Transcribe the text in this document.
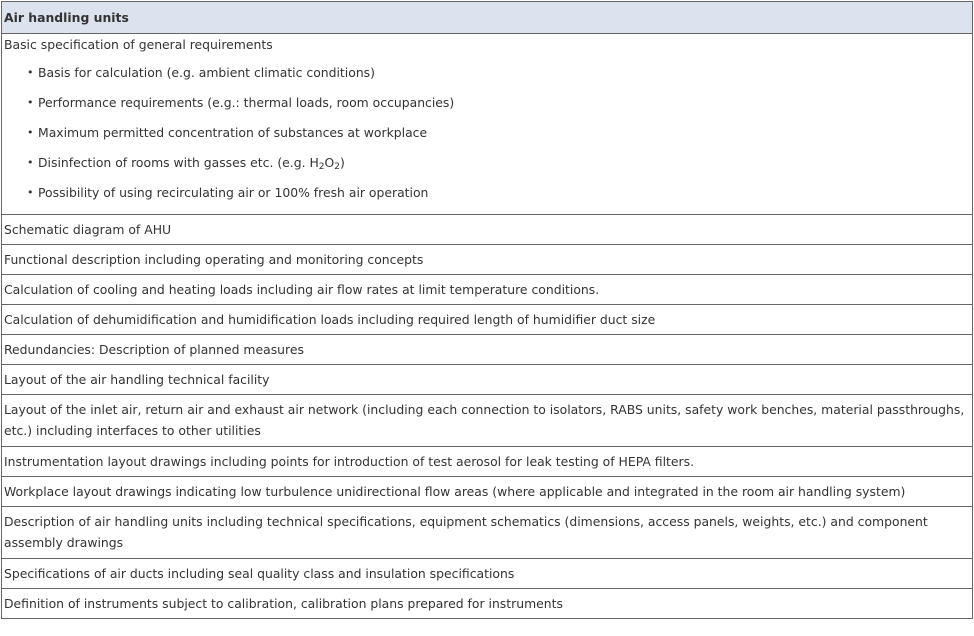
Air handling units

Basic specification of general requirements
• Basis for calculation (e.g. ambient climatic conditions)
• Performance requirements (e.g.: thermal loads, room occupancies)
• Maximum permitted concentration of substances at workplace
• Disinfection of rooms with gasses etc. (e.g. $H_2O_2$)
• Possibility of using recirculating air or 100% fresh air operation

Schematic diagram of AHU
Functional description including operating and monitoring concepts
Calculation of cooling and heating loads including air flow rates at limit temperature conditions.
Calculation of dehumidification and humidification loads including required length of humidifier duct size
Redundancies: Description of planned measures
Layout of the air handling technical facility
Layout of the inlet air, return air and exhaust air network (including each connection to isolators, RABS units, safety work benches, material passthroughs, etc.) including interfaces to other utilities
Instrumentation layout drawings including points for introduction of test aerosol for leak testing of HEPA filters.
Workplace layout drawings indicating low turbulence unidirectional flow areas (where applicable and integrated in the room air handling system)
Description of air handling units including technical specifications, equipment schematics (dimensions, access panels, weights, etc.) and component assembly drawings
Specifications of air ducts including seal quality class and insulation specifications
Definition of instruments subject to calibration, calibration plans prepared for instruments
